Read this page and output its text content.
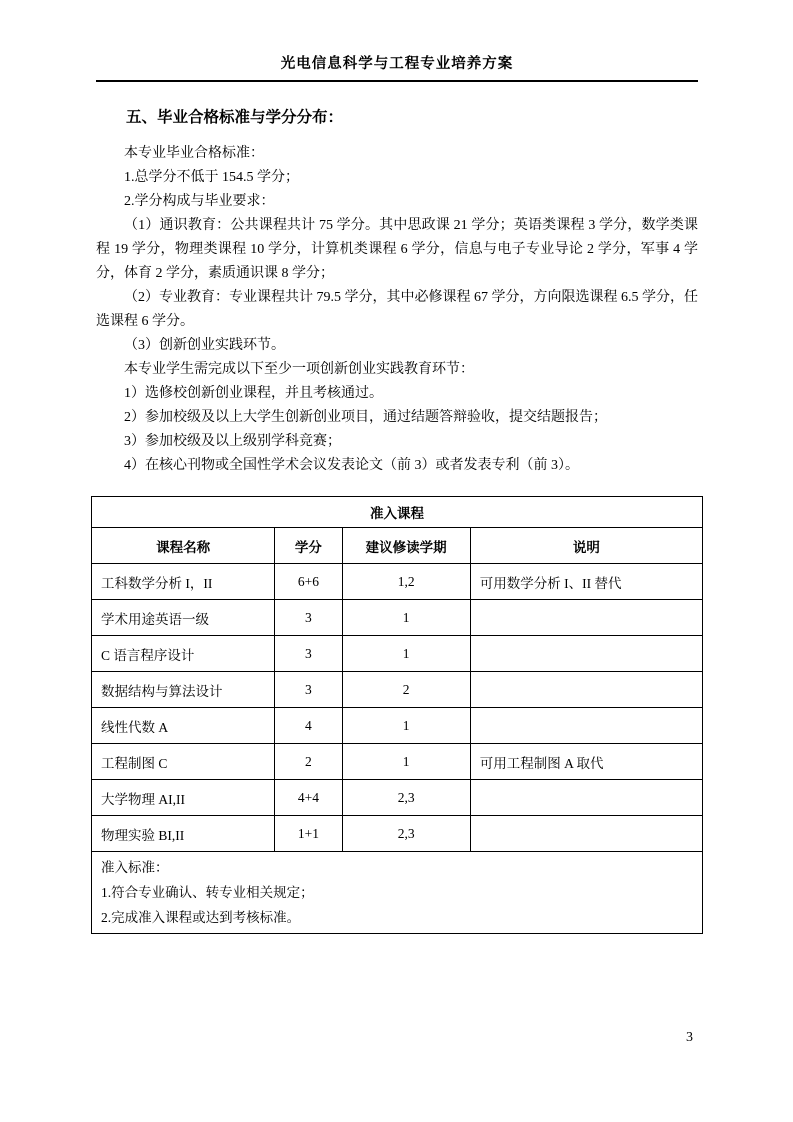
光电信息科学与工程专业培养方案
五、毕业合格标准与学分分布：

本专业毕业合格标准：

1.总学分不低于 154.5 学分；

2.学分构成与毕业要求：

（1）通识教育：公共课程共计 75 学分。其中思政课 21 学分；英语类课程 3 学分，数学类课程 19 学分，物理类课程 10 学分，计算机类课程 6 学分，信息与电子专业导论 2 学分，军事 4 学分，体育 2 学分，素质通识课 8 学分；

（2）专业教育：专业课程共计 79.5 学分，其中必修课程 67 学分，方向限选课程 6.5 学分，任选课程 6 学分。

（3）创新创业实践环节。

本专业学生需完成以下至少一项创新创业实践教育环节：

1）选修校创新创业课程，并且考核通过。

2）参加校级及以上大学生创新创业项目，通过结题答辩验收，提交结题报告；

3）参加校级及以上级别学科竞赛；

4）在核心刊物或全国性学术会议发表论文（前 3）或者发表专利（前 3）。

准入课程			
课程名称	学分	建议修读学期	说明
工科数学分析 I，II	6+6	1,2	可用数学分析 I、II 替代
学术用途英语一级	3	1	
C 语言程序设计	3	1	
数据结构与算法设计	3	2	
线性代数 A	4	1	
工程制图 C	2	1	可用工程制图 A 取代
大学物理 AI,II	4+4	2,3	
物理实验 BI,II	1+1	2,3	

准入标准：
1.符合专业确认、转专业相关规定；
2.完成准入课程或达到考核标准。			
3
